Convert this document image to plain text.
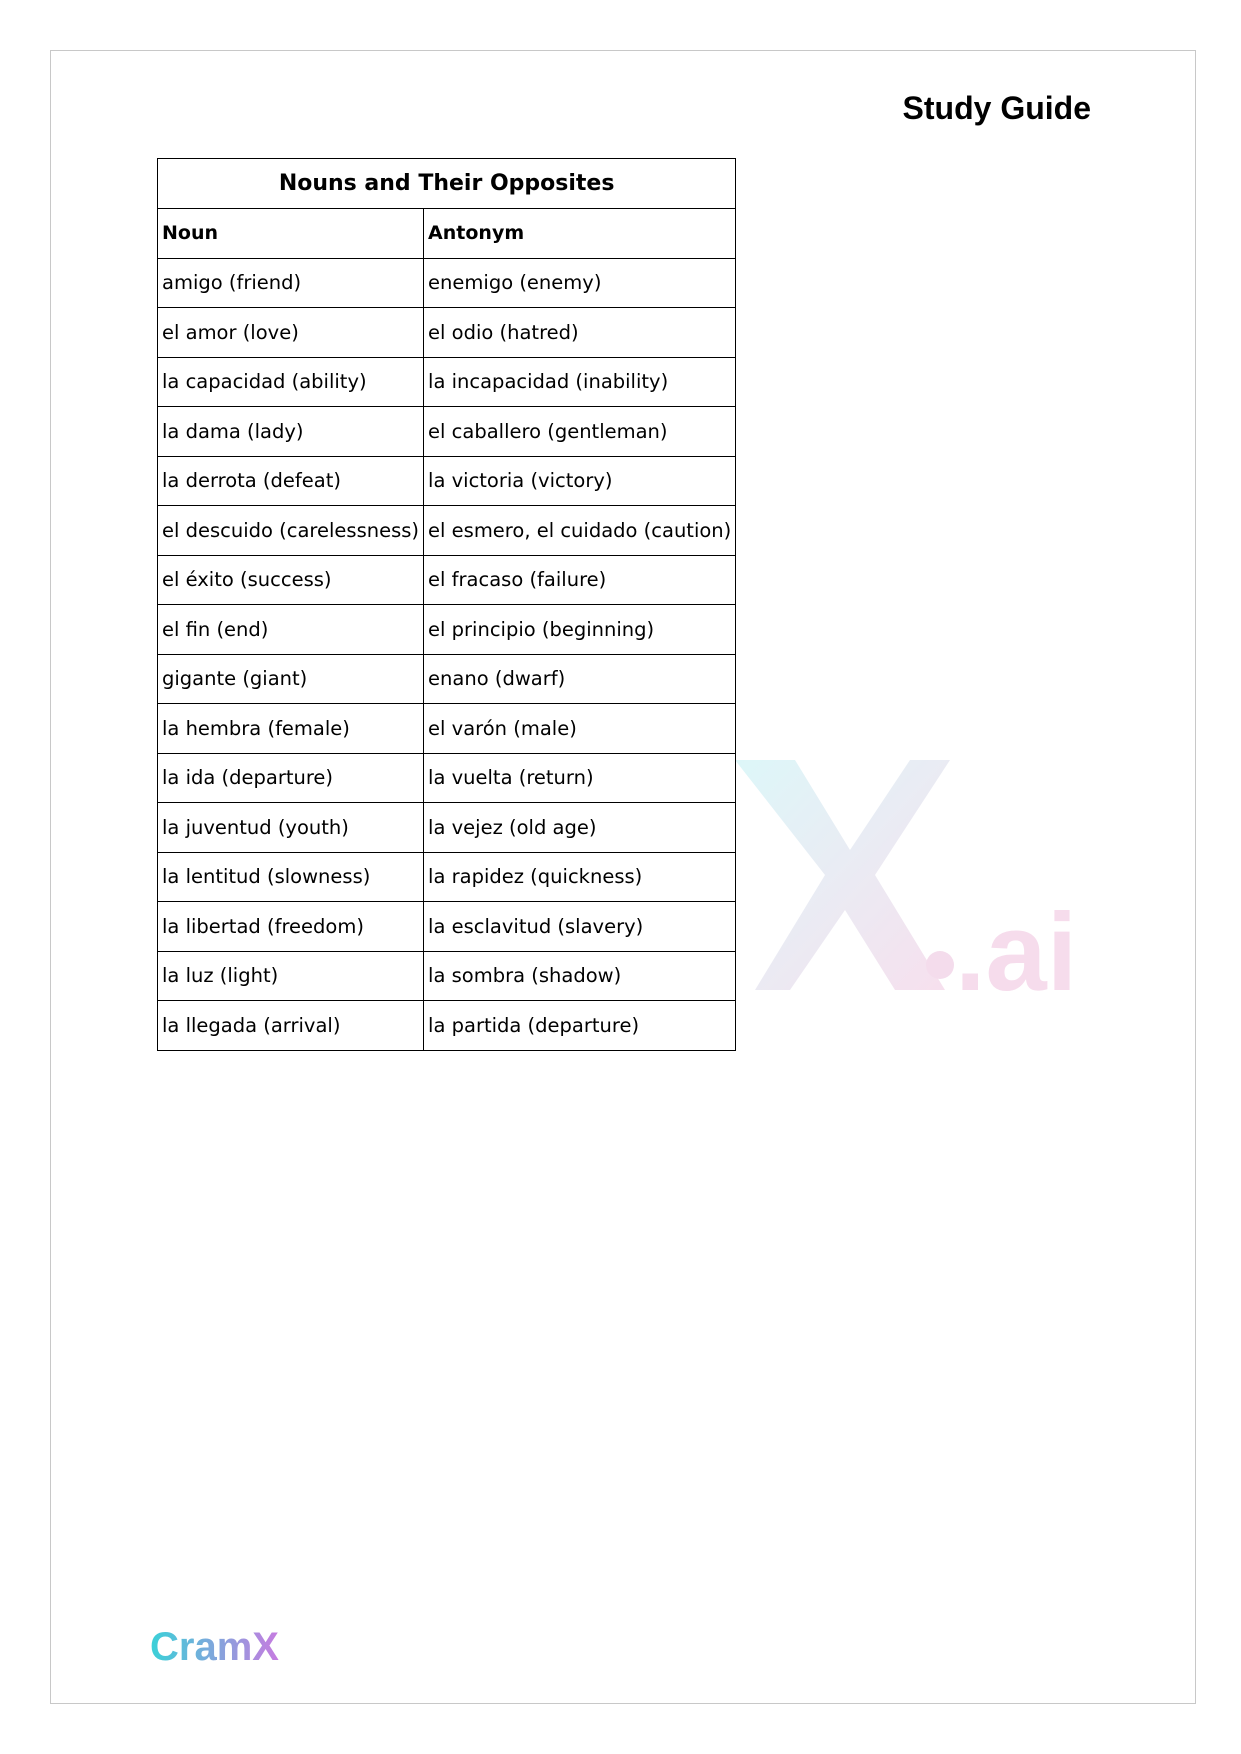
Study Guide
.ai
Nouns and Their Opposites	
Noun	Antonym
amigo (friend)	enemigo (enemy)
el amor (love)	el odio (hatred)
la capacidad (ability)	la incapacidad (inability)
la dama (lady)	el caballero (gentleman)
la derrota (defeat)	la victoria (victory)
el descuido (carelessness)	el esmero, el cuidado (caution)
el éxito (success)	el fracaso (failure)
el fin (end)	el principio (beginning)
gigante (giant)	enano (dwarf)
la hembra (female)	el varón (male)
la ida (departure)	la vuelta (return)
la juventud (youth)	la vejez (old age)
la lentitud (slowness)	la rapidez (quickness)
la libertad (freedom)	la esclavitud (slavery)
la luz (light)	la sombra (shadow)
la llegada (arrival)	la partida (departure)
CramX
